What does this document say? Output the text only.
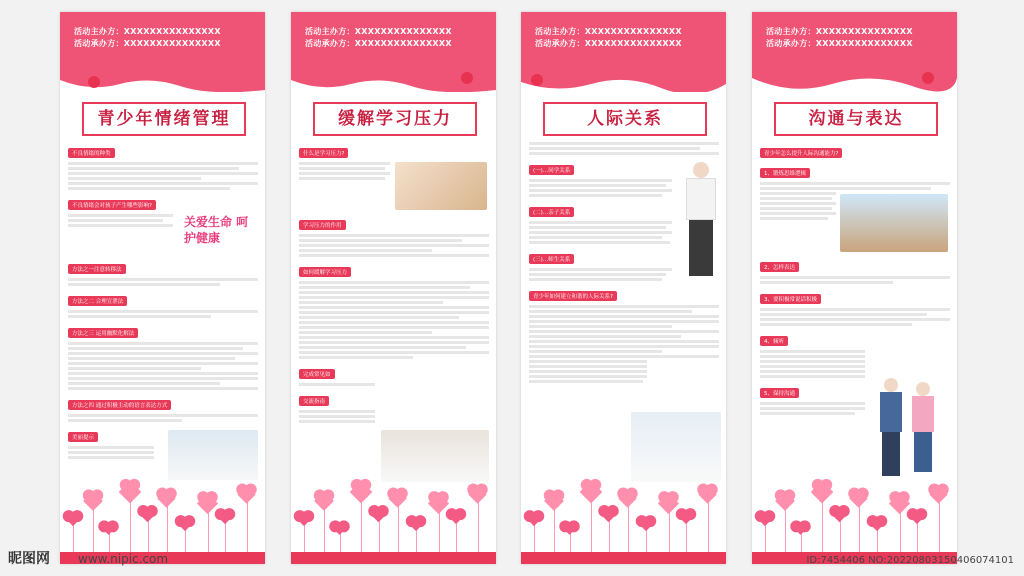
活动主办方：XXXXXXXXXXXXXXX
活动承办方：XXXXXXXXXXXXXXX
青少年情绪管理
不良情绪的种类
不良情绪会对孩子产生哪些影响?
关爱生命 呵护健康
方法之一注意转移法
方法之二 合理宣泄法
方法之三 运用幽默化解法
方法之四 通过积极主动的语言表达方式
美丽提示
活动主办方：XXXXXXXXXXXXXXX
活动承办方：XXXXXXXXXXXXXXX
缓解学习压力
什么是学习压力?
学习压力的作用
如何缓解学习压力
完成常见如
交流指南
活动主办方：XXXXXXXXXXXXXXX
活动承办方：XXXXXXXXXXXXXXX
人际关系
(一)…同学关系
(二)…亲子关系
(三)…师生关系
青少年如何建立和谐的人际关系?
活动主办方：XXXXXXXXXXXXXXX
活动承办方：XXXXXXXXXXXXXXX
沟通与表达
青少年怎么提升人际沟通能力?
1、锻炼思维逻辑
2、怎样表达
3、要积极常说话积极
4、倾听
5、保持沟通
昵图网 www.nipic.com	ID:7454406 NO:20220803150406074101
